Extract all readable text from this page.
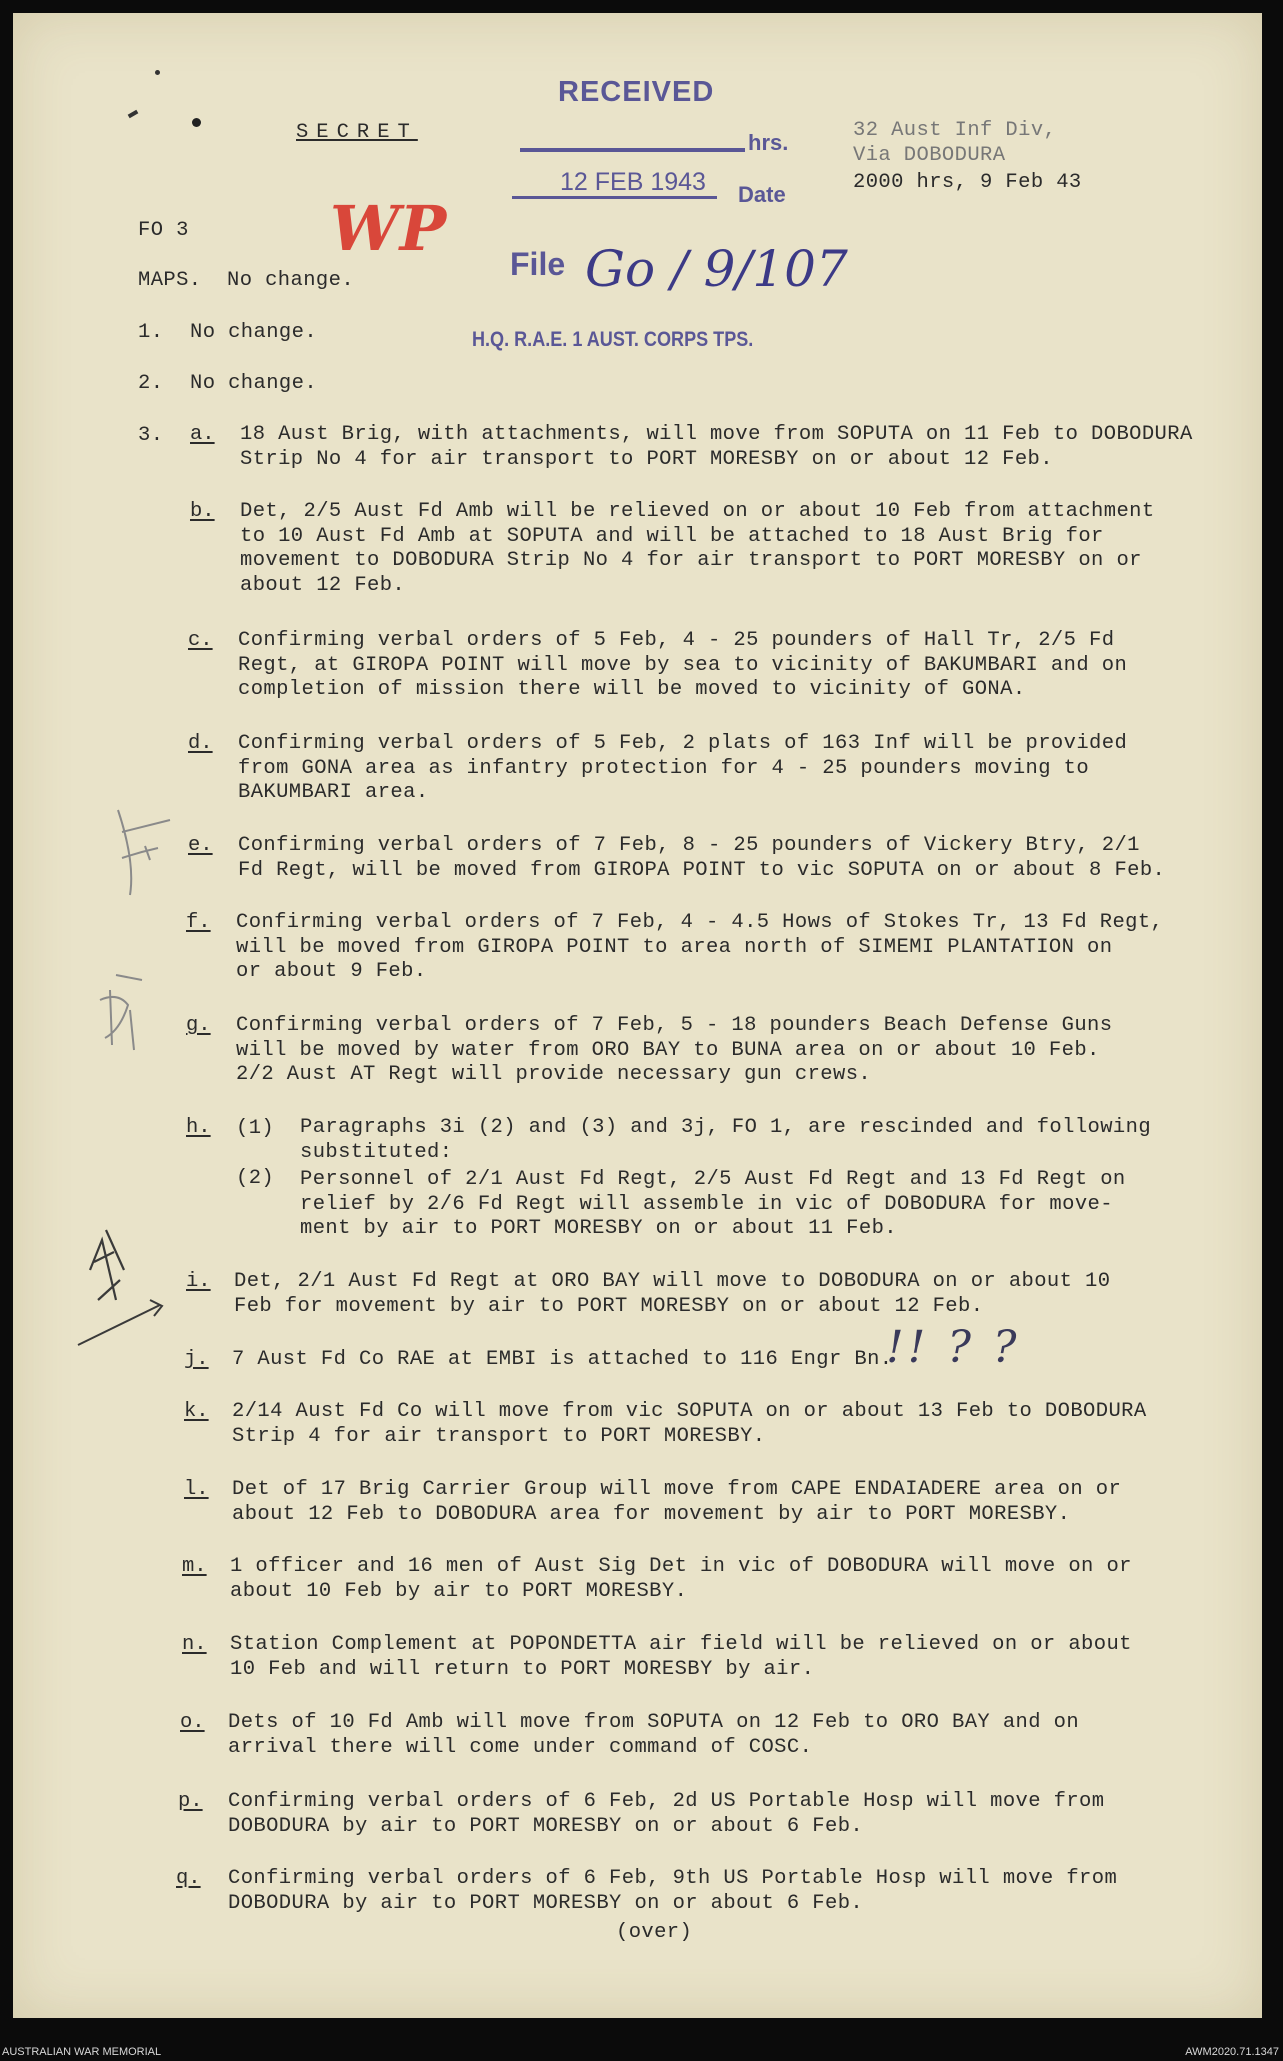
SECRET	32 Aust Inf Div,
Via DOBODURA
2000 hrs, 9 Feb 43
FO 3
RECEIVED
hrs.
12 FEB 1943 Date
File Go / 9/107
H.Q. R.A.E. 1 AUST. CORPS TPS.
WP
MAPS. No change.
1. No change.
2. No change.
3. a. 18 Aust Brig, with attachments, will move from SOPUTA on 11 Feb to DOBODURA
Strip No 4 for air transport to PORT MORESBY on or about 12 Feb.
b. Det, 2/5 Aust Fd Amb will be relieved on or about 10 Feb from attachment
to 10 Aust Fd Amb at SOPUTA and will be attached to 18 Aust Brig for
movement to DOBODURA Strip No 4 for air transport to PORT MORESBY on or
about 12 Feb.
c. Confirming verbal orders of 5 Feb, 4 - 25 pounders of Hall Tr, 2/5 Fd
Regt, at GIROPA POINT will move by sea to vicinity of BAKUMBARI and on
completion of mission there will be moved to vicinity of GONA.
d. Confirming verbal orders of 5 Feb, 2 plats of 163 Inf will be provided
from GONA area as infantry protection for 4 - 25 pounders moving to
BAKUMBARI area.
e. Confirming verbal orders of 7 Feb, 8 - 25 pounders of Vickery Btry, 2/1
Fd Regt, will be moved from GIROPA POINT to vic SOPUTA on or about 8 Feb.
f. Confirming verbal orders of 7 Feb, 4 - 4.5 Hows of Stokes Tr, 13 Fd Regt,
will be moved from GIROPA POINT to area north of SIMEMI PLANTATION on
or about 9 Feb.
g. Confirming verbal orders of 7 Feb, 5 - 18 pounders Beach Defense Guns
will be moved by water from ORO BAY to BUNA area on or about 10 Feb.
2/2 Aust AT Regt will provide necessary gun crews.
h. (1) Paragraphs 3i (2) and (3) and 3j, FO 1, are rescinded and following
substituted:
(2) Personnel of 2/1 Aust Fd Regt, 2/5 Aust Fd Regt and 13 Fd Regt on
relief by 2/6 Fd Regt will assemble in vic of DOBODURA for move-
ment by air to PORT MORESBY on or about 11 Feb.
i. Det, 2/1 Aust Fd Regt at ORO BAY will move to DOBODURA on or about 10
Feb for movement by air to PORT MORESBY on or about 12 Feb.
j. 7 Aust Fd Co RAE at EMBI is attached to 116 Engr Bn.
!! ? ?
k. 2/14 Aust Fd Co will move from vic SOPUTA on or about 13 Feb to DOBODURA
Strip 4 for air transport to PORT MORESBY.
l. Det of 17 Brig Carrier Group will move from CAPE ENDAIADERE area on or
about 12 Feb to DOBODURA area for movement by air to PORT MORESBY.
m. 1 officer and 16 men of Aust Sig Det in vic of DOBODURA will move on or
about 10 Feb by air to PORT MORESBY.
n. Station Complement at POPONDETTA air field will be relieved on or about
10 Feb and will return to PORT MORESBY by air.
o. Dets of 10 Fd Amb will move from SOPUTA on 12 Feb to ORO BAY and on
arrival there will come under command of COSC.
p. Confirming verbal orders of 6 Feb, 2d US Portable Hosp will move from
DOBODURA by air to PORT MORESBY on or about 6 Feb.
q. Confirming verbal orders of 6 Feb, 9th US Portable Hosp will move from
DOBODURA by air to PORT MORESBY on or about 6 Feb.
(over)
AUSTRALIAN WAR MEMORIAL	AWM2020.71.1347
